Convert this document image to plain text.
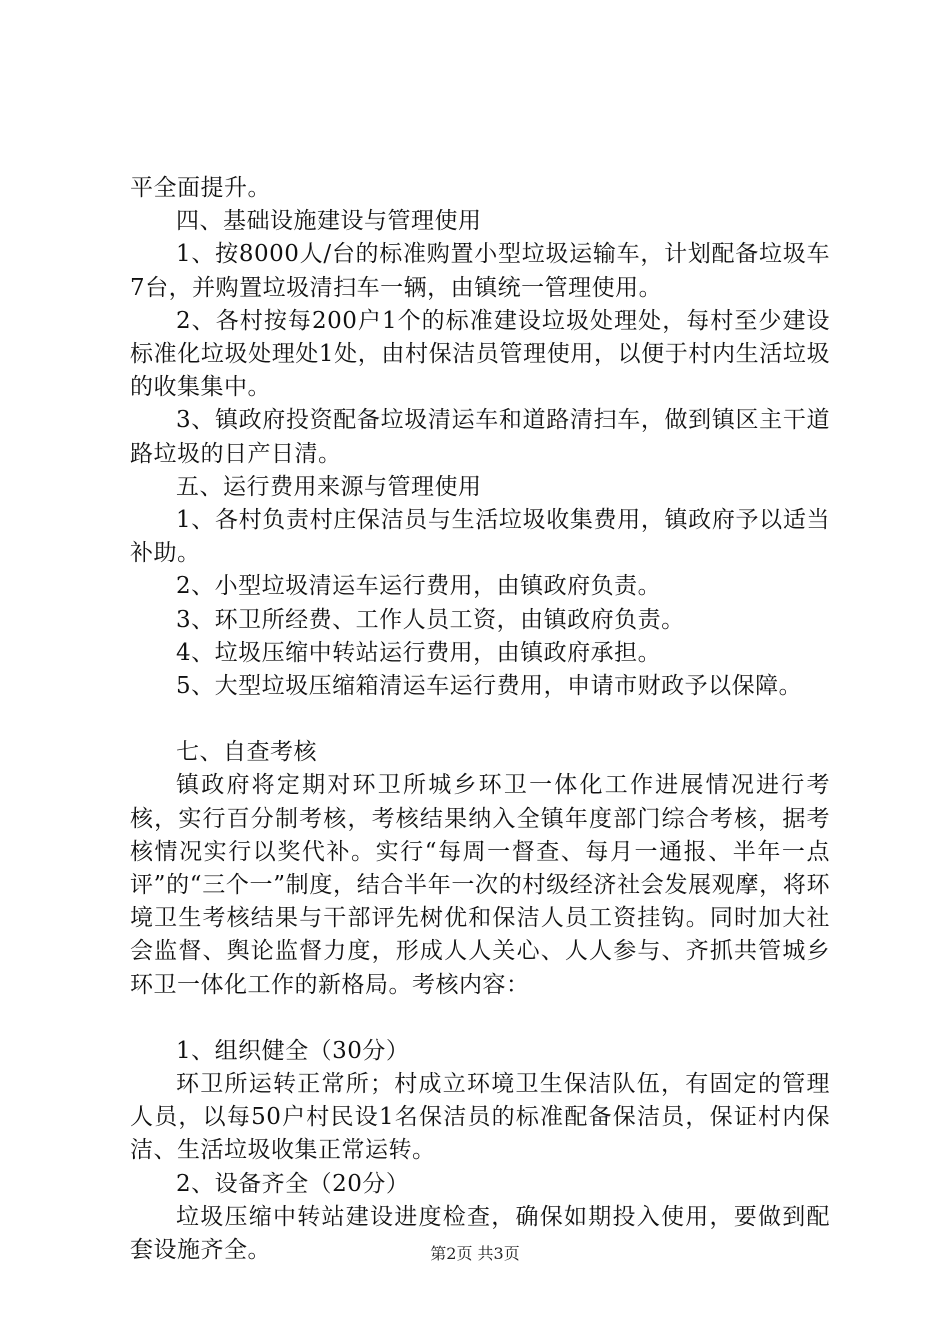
平全面提升。

四、基础设施建设与管理使用

1、按8000人/台的标准购置小型垃圾运输车，计划配备垃圾车7台，并购置垃圾清扫车一辆，由镇统一管理使用。

2、各村按每200户1个的标准建设垃圾处理处，每村至少建设标准化垃圾处理处1处，由村保洁员管理使用，以便于村内生活垃圾的收集集中。

3、镇政府投资配备垃圾清运车和道路清扫车，做到镇区主干道路垃圾的日产日清。

五、运行费用来源与管理使用

1、各村负责村庄保洁员与生活垃圾收集费用，镇政府予以适当补助。

2、小型垃圾清运车运行费用，由镇政府负责。

3、环卫所经费、工作人员工资，由镇政府负责。

4、垃圾压缩中转站运行费用，由镇政府承担。

5、大型垃圾压缩箱清运车运行费用，申请市财政予以保障。

七、自查考核

镇政府将定期对环卫所城乡环卫一体化工作进展情况进行考核，实行百分制考核，考核结果纳入全镇年度部门综合考核，据考核情况实行以奖代补。实行“每周一督查、每月一通报、半年一点评”的“三个一”制度，结合半年一次的村级经济社会发展观摩，将环境卫生考核结果与干部评先树优和保洁人员工资挂钩。同时加大社会监督、舆论监督力度，形成人人关心、人人参与、齐抓共管城乡环卫一体化工作的新格局。考核内容：

1、组织健全（30分）

环卫所运转正常所；村成立环境卫生保洁队伍，有固定的管理人员，以每50户村民设1名保洁员的标准配备保洁员，保证村内保洁、生活垃圾收集正常运转。

2、设备齐全（20分）

垃圾压缩中转站建设进度检查，确保如期投入使用，要做到配套设施齐全。	第2页 共3页
